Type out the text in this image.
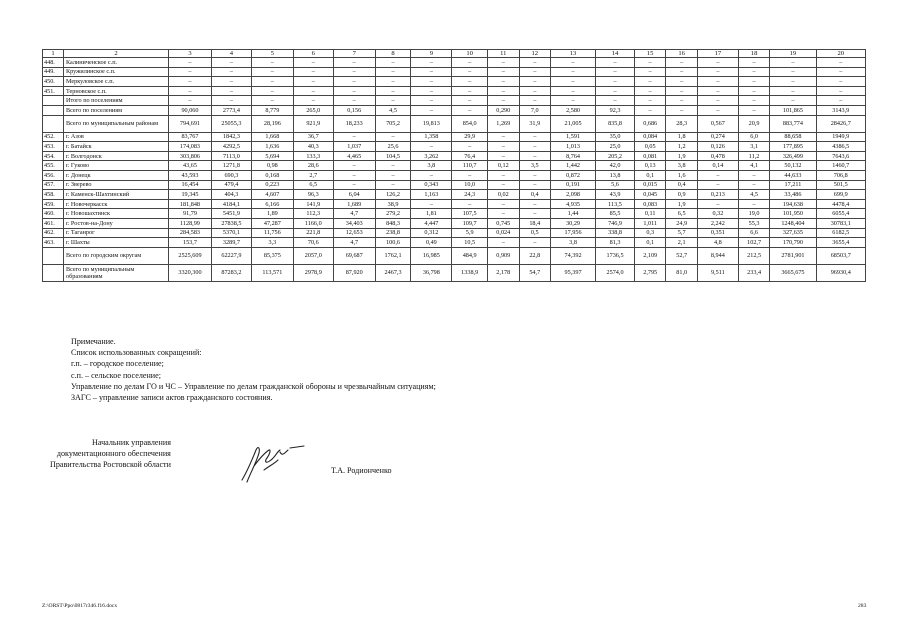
1	2	3	4	5	6	7	8	9	10	11	12	13	14	15	16	17	18	19	20
448.	Калиниченское с.п.	–	–	–	–	–	–	–	–	–	–	–	–	–	–	–	–	–	–
449.	Кружилинское с.п.	–	–	–	–	–	–	–	–	–	–	–	–	–	–	–	–	–	–
450.	Меркуловское с.п.	–	–	–	–	–	–	–	–	–	–	–	–	–	–	–	–	–	–
451.	Терновское с.п.	–	–	–	–	–	–	–	–	–	–	–	–	–	–	–	–	–	–
	Итого по поселениям	–	–	–	–	–	–	–	–	–	–	–	–	–	–	–	–	–	–
	Всего по поселениям	90,060	2773,4	8,779	265,0	0,156	4,5	–	–	0,290	7,0	2,580	92,3	–	–	–	–	101,865	3143,9
	Всего по муниципальным районам	794,691	25055,3	28,196	921,9	18,233	705,2	19,813	854,0	1,269	31,9	21,005	835,8	0,686	28,3	0,567	20,9	883,774	28426,7
452.	г. Азов	83,767	1842,3	1,668	36,7	–	–	1,358	29,9	–	–	1,591	35,0	0,084	1,8	0,274	6,0	88,658	1949,9
453.	г. Батайск	174,083	4292,5	1,636	40,3	1,037	25,6	–	–	–	–	1,013	25,0	0,05	1,2	0,126	3,1	177,895	4386,5
454.	г. Волгодонск	303,806	7113,0	5,694	133,3	4,465	104,5	3,262	76,4	–	–	8,764	205,2	0,081	1,9	0,478	11,2	326,499	7643,6
455.	г. Гуково	43,65	1271,8	0,98	28,6	–	–	3,8	110,7	0,12	3,5	1,442	42,0	0,13	3,8	0,14	4,1	50,132	1460,7
456.	г. Донецк	43,593	690,3	0,168	2,7	–	–	–	–	–	–	0,872	13,8	0,1	1,6	–	–	44,633	706,8
457.	г. Зверево	16,454	479,4	0,223	6,5	–	–	0,343	10,0	–	–	0,191	5,6	0,015	0,4	–	–	17,211	501,5
458.	г. Каменск-Шахтинский	19,345	404,3	4,607	96,3	6,04	126,2	1,163	24,3	0,02	0,4	2,098	43,9	0,045	0,9	0,213	4,5	33,486	699,9
459.	г. Новочеркасск	181,848	4184,1	6,166	141,9	1,689	38,9	–	–	–	–	4,935	113,5	0,083	1,9	–	–	194,638	4478,4
460.	г. Новошахтинск	91,79	5451,9	1,89	112,3	4,7	279,2	1,81	107,5	–	–	1,44	85,5	0,11	6,5	0,32	19,0	101,950	6055,4
461.	г. Ростов-на-Дону	1128,99	27838,5	47,287	1166,0	34,403	848,3	4,447	109,7	0,745	18,4	30,29	746,9	1,011	24,9	2,242	55,3	1248,404	30783,1
462.	г. Таганрог	284,583	5370,1	11,756	221,8	12,653	238,8	0,312	5,9	0,024	0,5	17,956	338,8	0,3	5,7	0,351	6,6	327,635	6182,5
463.	г. Шахты	153,7	3289,7	3,3	70,6	4,7	100,6	0,49	10,5	–	–	3,8	81,3	0,1	2,1	4,8	102,7	170,790	3655,4
	Всего по городским округам	2525,609	62227,9	85,375	2057,0	69,687	1762,1	16,985	484,9	0,909	22,8	74,392	1736,5	2,109	52,7	8,944	212,5	2781,901	68503,7
	Всего по муниципальным образованиям	3320,300	87283,2	113,571	2978,9	87,920	2467,3	36,798	1338,9	2,178	54,7	95,397	2574,0	2,795	81,0	9,511	233,4	3665,675	96930,4
Примечание.
Список использованных сокращений:
г.п. – городское поселение;
с.п. – сельское поселение;
Управление по делам ГО и ЧС – Управление по делам гражданской обороны и чрезвычайным ситуациям;
ЗАГС – управление записи актов гражданского состояния.
Начальник управления
документационного обеспечения
Правительства Ростовской области
Т.А. Родионченко
Z:\ORST\Ppo\0817r346.f16.docx	283
